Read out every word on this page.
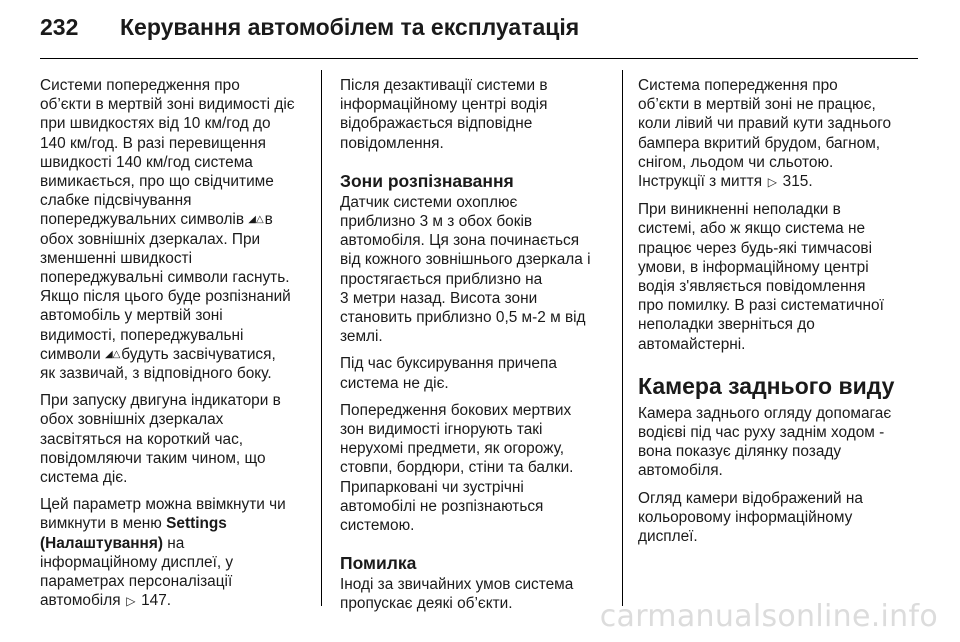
232	Керування автомобілем та експлуатація

Системи попередження про
об’єкти в мертвій зоні видимості діє
при швидкостях від 10 км/год до
140 км/год. В разі перевищення
швидкості 140 км/год система
вимикається, про що свідчитиме
слабке підсвічування
попереджувальних символів ◢△ в
обох зовнішніх дзеркалах. При
зменшенні швидкості
попереджувальні символи гаснуть.
Якщо після цього буде розпізнаний
автомобіль у мертвій зоні
видимості, попереджувальні
символи ◢△ будуть засвічуватися,
як зазвичай, з відповідного боку.

При запуску двигуна індикатори в
обох зовнішніх дзеркалах
засвітяться на короткий час,
повідомляючи таким чином, що
система діє.

Цей параметр можна ввімкнути чи
вимкнути в меню Settings
(Налаштування) на
інформаційному дисплеї, у
параметрах персоналізації
автомобіля ▷ 147.

Після дезактивації системи в
інформаційному центрі водія
відображається відповідне
повідомлення.

Зони розпізнавання

Датчик системи охоплює
приблизно 3 м з обох боків
автомобіля. Ця зона починається
від кожного зовнішнього дзеркала і
простягається приблизно на
3 метри назад. Висота зони
становить приблизно 0,5 м-2 м від
землі.

Під час буксирування причепа
система не діє.

Попередження бокових мертвих
зон видимості ігнорують такі
нерухомі предмети, як огорожу,
стовпи, бордюри, стіни та балки.
Припарковані чи зустрічні
автомобілі не розпізнаються
системою.

Помилка

Іноді за звичайних умов система
пропускає деякі об’єкти.

Система попередження про
об’єкти в мертвій зоні не працює,
коли лівий чи правий кути заднього
бампера вкритий брудом, багном,
снігом, льодом чи сльотою.
Інструкції з миття ▷ 315.

При виникненні неполадки в
системі, або ж якщо система не
працює через будь-які тимчасові
умови, в інформаційному центрі
водія з'являється повідомлення
про помилку. В разі систематичної
неполадки зверніться до
автомайстерні.

Камера заднього виду

Камера заднього огляду допомагає
водієві під час руху заднім ходом -
вона показує ділянку позаду
автомобіля.

Огляд камери відображений на
кольоровому інформаційному
дисплеї.

carmanualsonline.info
